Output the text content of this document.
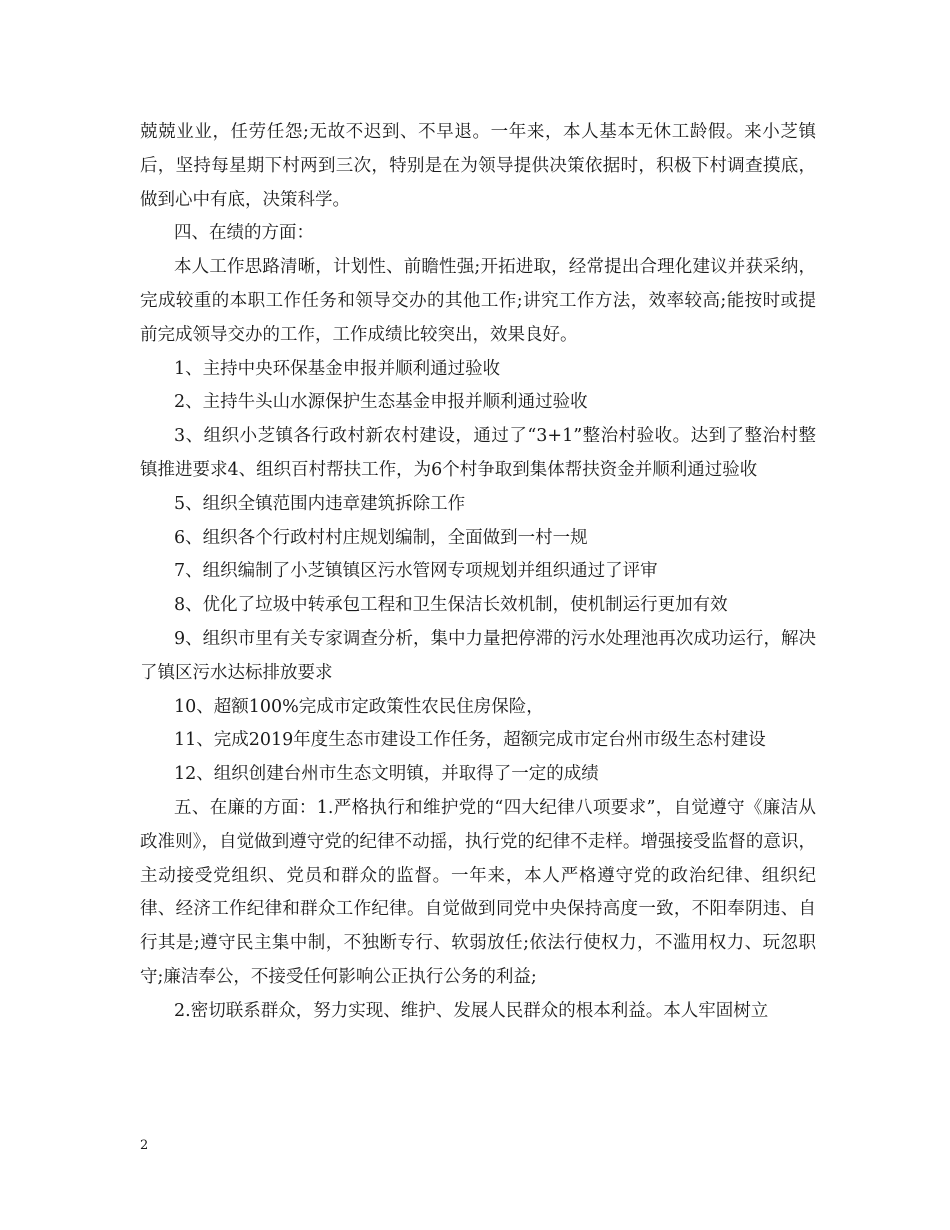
兢兢业业，任劳任怨;无故不迟到、不早退。一年来，本人基本无休工龄假。来小芝镇后，坚持每星期下村两到三次，特别是在为领导提供决策依据时，积极下村调查摸底，做到心中有底，决策科学。

四、在绩的方面：

本人工作思路清晰，计划性、前瞻性强;开拓进取，经常提出合理化建议并获采纳，完成较重的本职工作任务和领导交办的其他工作;讲究工作方法，效率较高;能按时或提前完成领导交办的工作，工作成绩比较突出，效果良好。

1、主持中央环保基金申报并顺利通过验收

2、主持牛头山水源保护生态基金申报并顺利通过验收

3、组织小芝镇各行政村新农村建设，通过了“3+1”整治村验收。达到了整治村整镇推进要求4、组织百村帮扶工作，为6个村争取到集体帮扶资金并顺利通过验收

5、组织全镇范围内违章建筑拆除工作

6、组织各个行政村村庄规划编制，全面做到一村一规

7、组织编制了小芝镇镇区污水管网专项规划并组织通过了评审

8、优化了垃圾中转承包工程和卫生保洁长效机制，使机制运行更加有效

9、组织市里有关专家调查分析，集中力量把停滞的污水处理池再次成功运行，解决了镇区污水达标排放要求

10、超额100%完成市定政策性农民住房保险，

11、完成2019年度生态市建设工作任务，超额完成市定台州市级生态村建设

12、组织创建台州市生态文明镇，并取得了一定的成绩

五、在廉的方面：1.严格执行和维护党的“四大纪律八项要求”，自觉遵守《廉洁从政准则》，自觉做到遵守党的纪律不动摇，执行党的纪律不走样。增强接受监督的意识，主动接受党组织、党员和群众的监督。一年来，本人严格遵守党的政治纪律、组织纪律、经济工作纪律和群众工作纪律。自觉做到同党中央保持高度一致，不阳奉阴违、自行其是;遵守民主集中制，不独断专行、软弱放任;依法行使权力，不滥用权力、玩忽职守;廉洁奉公，不接受任何影响公正执行公务的利益;

2.密切联系群众，努力实现、维护、发展人民群众的根本利益。本人牢固树立

2
